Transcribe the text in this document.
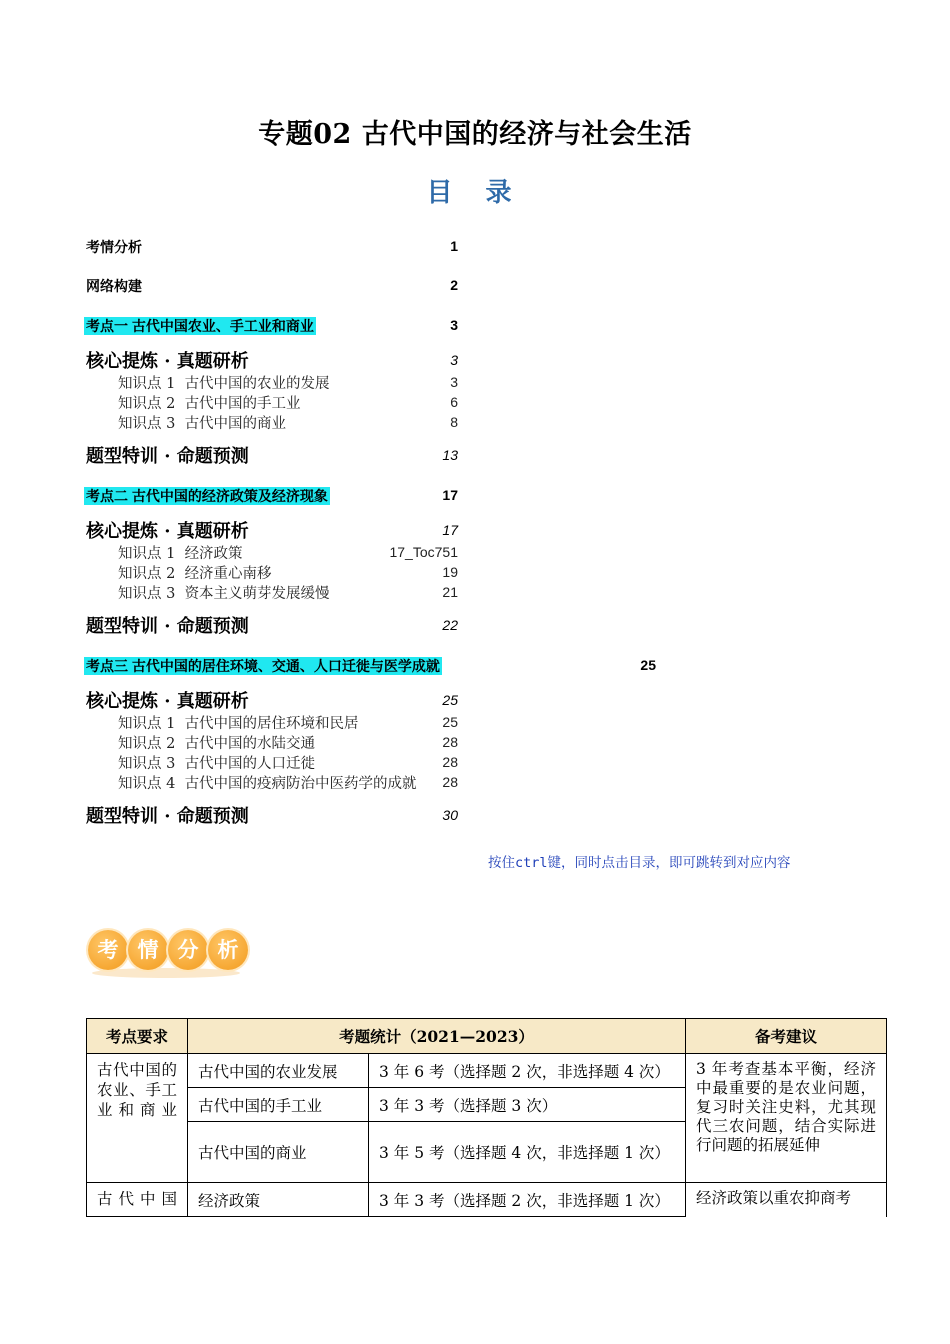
专题02 古代中国的经济与社会生活
目 录
考情分析	1
网络构建	2
考点一 古代中国农业、手工业和商业	3
核心提炼 · 真题研析	3
知识点 1 古代中国的农业的发展	3
知识点 2 古代中国的手工业	6
知识点 3 古代中国的商业	8
题型特训 · 命题预测	13
考点二 古代中国的经济政策及经济现象	17
核心提炼 · 真题研析	17
知识点 1 经济政策	17_Toc751
知识点 2 经济重心南移	19
知识点 3 资本主义萌芽发展缓慢	21
题型特训 · 命题预测	22
考点三 古代中国的居住环境、交通、人口迁徙与医学成就	25
核心提炼 · 真题研析	25
知识点 1 古代中国的居住环境和民居	25
知识点 2 古代中国的水陆交通	28
知识点 3 古代中国的人口迁徙	28
知识点 4 古代中国的疫病防治中医药学的成就	28
题型特训 · 命题预测	30
按住ctrl键，同时点击目录，即可跳转到对应内容
考 情 分 析
考点要求	考题统计（2021—2023）		备考建议
古代中国的农业、手工业和商业	古代中国的农业发展	3 年 6 考（选择题 2 次，非选择题 4 次）	3 年考查基本平衡，经济中最重要的是农业问题，复习时关注史料，尤其现代三农问题，结合实际进行问题的拓展延伸
	古代中国的手工业	3 年 3 考（选择题 3 次）	
	古代中国的商业	3 年 5 考（选择题 4 次，非选择题 1 次）	
古代中国	经济政策	3 年 3 考（选择题 2 次，非选择题 1 次）	经济政策以重农抑商考
